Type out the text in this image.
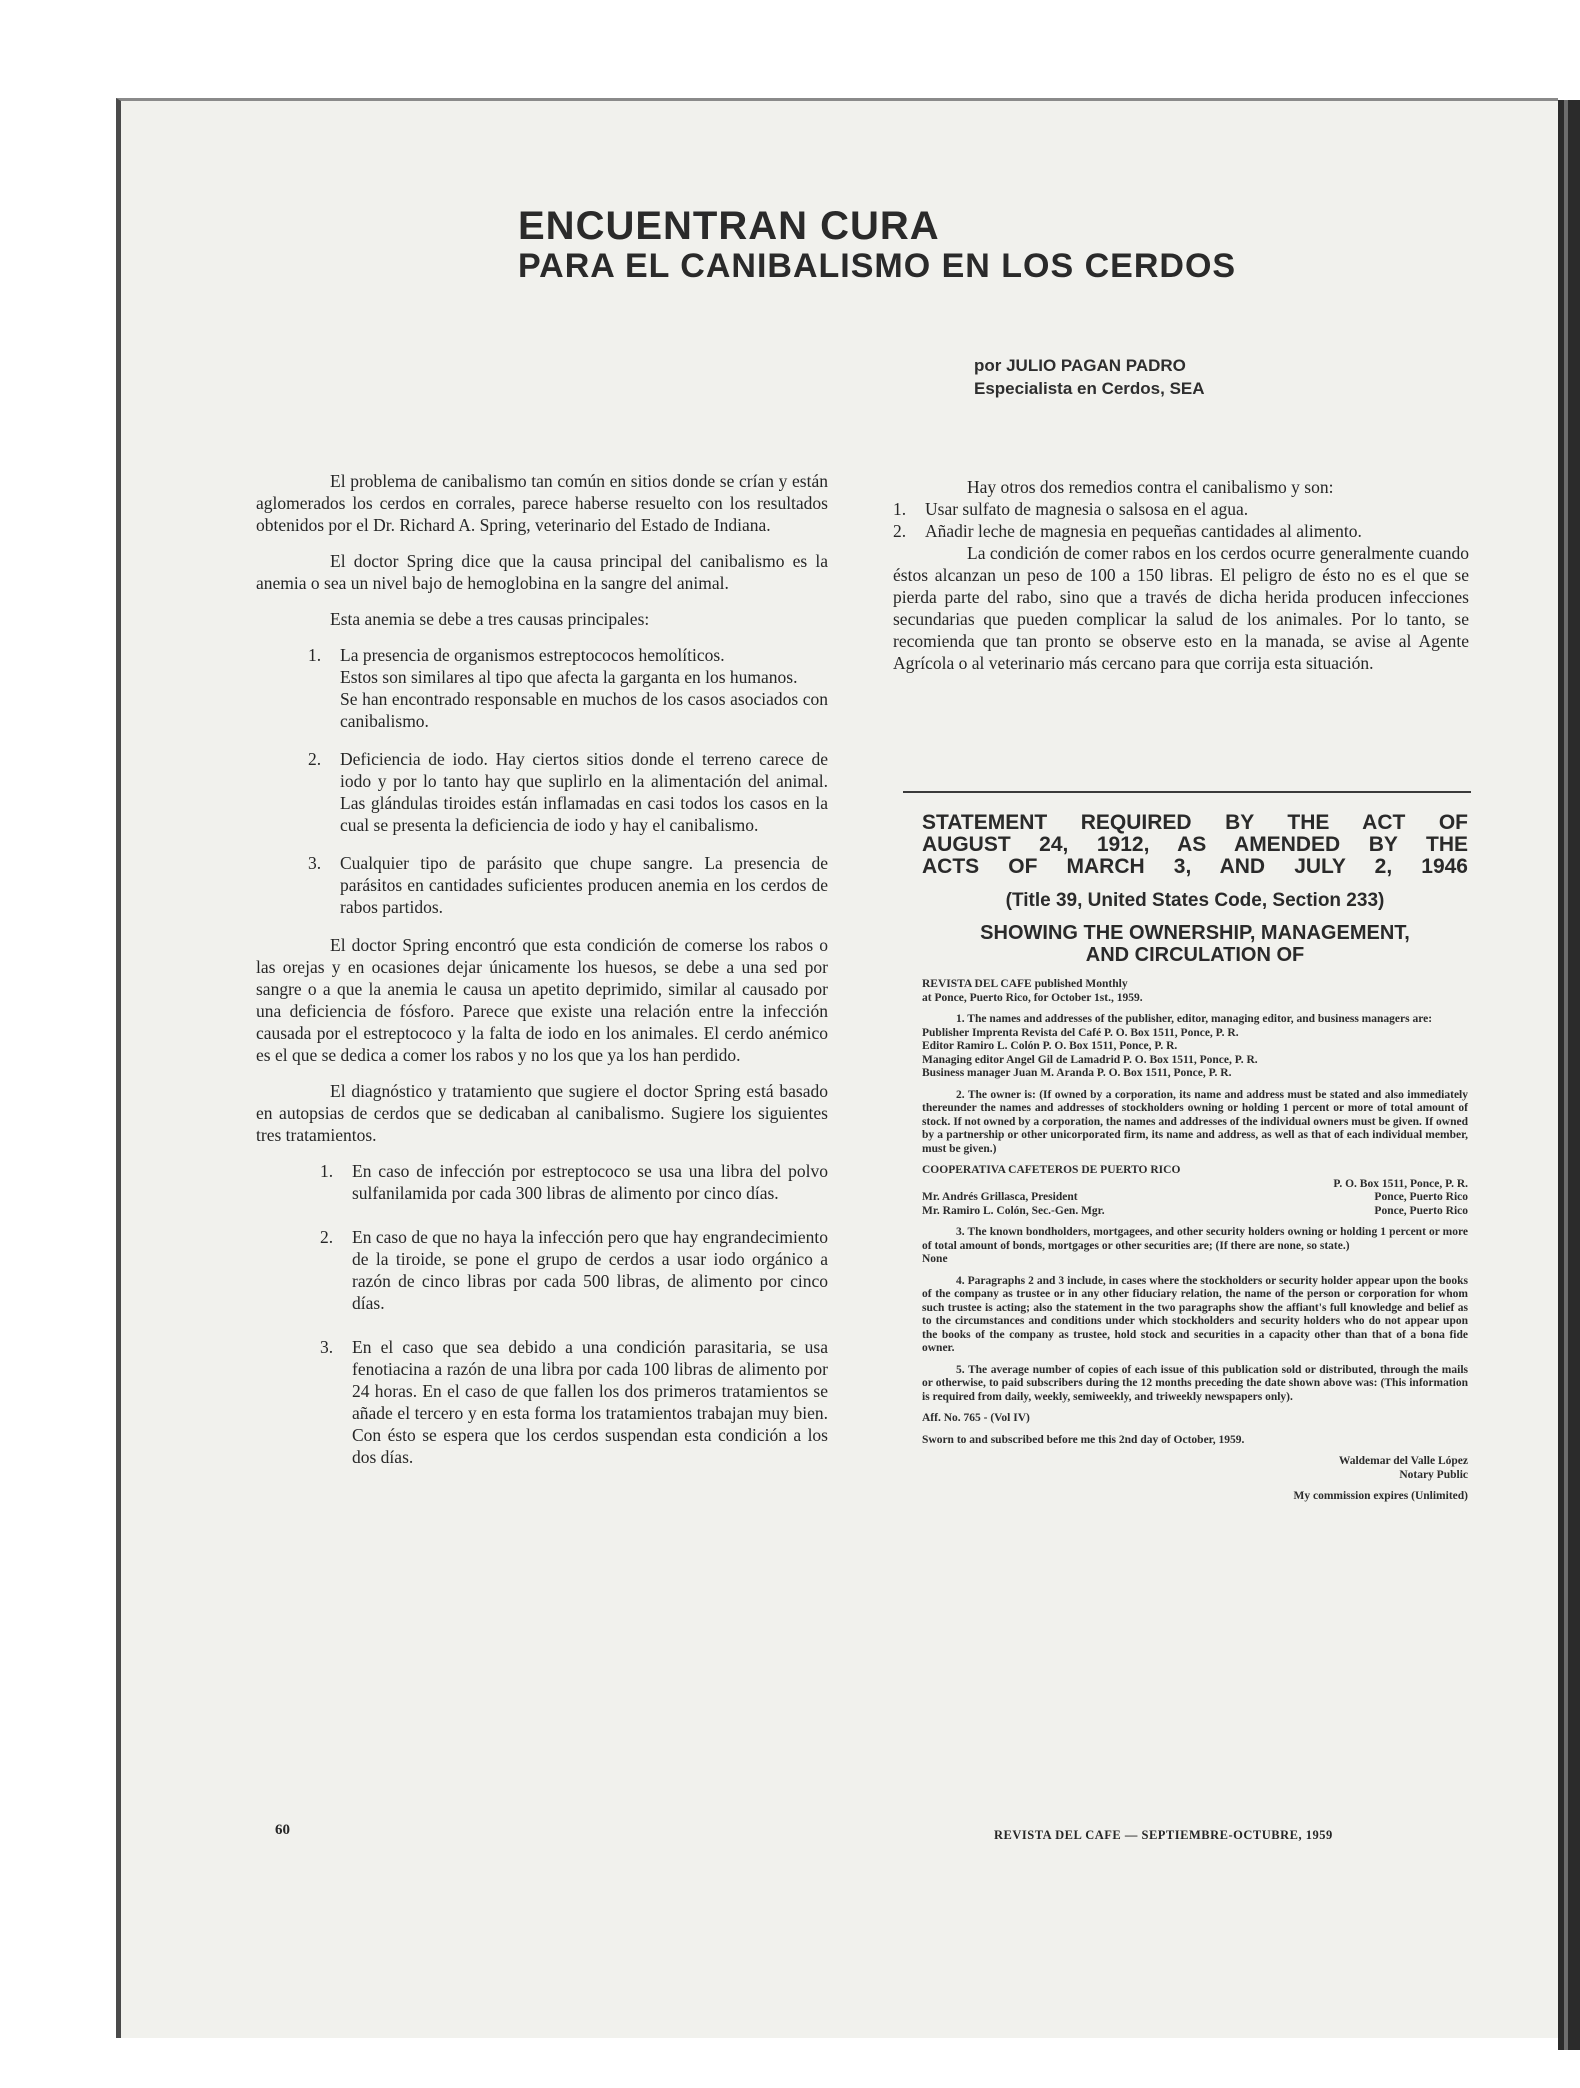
ENCUENTRAN CURA
PARA EL CANIBALISMO EN LOS CERDOS
por JULIO PAGAN PADRO
Especialista en Cerdos, SEA

El problema de canibalismo tan común en sitios donde se crían y están aglomerados los cerdos en corrales, parece haberse resuelto con los resultados obtenidos por el Dr. Richard A. Spring, veterinario del Estado de Indiana.

El doctor Spring dice que la causa principal del canibalismo es la anemia o sea un nivel bajo de hemoglobina en la sangre del animal.

Esta anemia se debe a tres causas principales:

1.	La presencia de organismos estreptococos hemolíticos.
Estos son similares al tipo que afecta la garganta en los humanos.
Se han encontrado responsable en muchos de los casos asociados con canibalismo.
2.	Deficiencia de iodo. Hay ciertos sitios donde el terreno carece de iodo y por lo tanto hay que suplirlo en la alimentación del animal. Las glándulas tiroides están inflamadas en casi todos los casos en la cual se presenta la deficiencia de iodo y hay el canibalismo.
3.	Cualquier tipo de parásito que chupe sangre. La presencia de parásitos en cantidades suficientes producen anemia en los cerdos de rabos partidos.

El doctor Spring encontró que esta condición de comerse los rabos o las orejas y en ocasiones dejar únicamente los huesos, se debe a una sed por sangre o a que la anemia le causa un apetito deprimido, similar al causado por una deficiencia de fósforo. Parece que existe una relación entre la infección causada por el estreptococo y la falta de iodo en los animales. El cerdo anémico es el que se dedica a comer los rabos y no los que ya los han perdido.

El diagnóstico y tratamiento que sugiere el doctor Spring está basado en autopsias de cerdos que se dedicaban al canibalismo. Sugiere los siguientes tres tratamientos.

1.	En caso de infección por estreptococo se usa una libra del polvo sulfanilamida por cada 300 libras de alimento por cinco días.
2.	En caso de que no haya la infección pero que hay engrandecimiento de la tiroide, se pone el grupo de cerdos a usar iodo orgánico a razón de cinco libras por cada 500 libras, de alimento por cinco días.
3.	En el caso que sea debido a una condición parasitaria, se usa fenotiacina a razón de una libra por cada 100 libras de alimento por 24 horas. En el caso de que fallen los dos primeros tratamientos se añade el tercero y en esta forma los tratamientos trabajan muy bien. Con ésto se espera que los cerdos suspendan esta condición a los dos días.

Hay otros dos remedios contra el canibalismo y son:

1.	Usar sulfato de magnesia o salsosa en el agua.
2.	Añadir leche de magnesia en pequeñas cantidades al alimento.

La condición de comer rabos en los cerdos ocurre generalmente cuando éstos alcanzan un peso de 100 a 150 libras. El peligro de ésto no es el que se pierda parte del rabo, sino que a través de dicha herida producen infecciones secundarias que pueden complicar la salud de los animales. Por lo tanto, se recomienda que tan pronto se observe esto en la manada, se avise al Agente Agrícola o al veterinario más cercano para que corrija esta situación.

STATEMENT REQUIRED BY THE ACT OF
AUGUST 24, 1912, AS AMENDED BY THE
ACTS OF MARCH 3, AND JULY 2, 1946
(Title 39, United States Code, Section 233)
SHOWING THE OWNERSHIP, MANAGEMENT,
AND CIRCULATION OF

REVISTA DEL CAFE published Monthly
at Ponce, Puerto Rico, for October 1st., 1959.

1. The names and addresses of the publisher, editor, managing editor, and business managers are:
Publisher Imprenta Revista del Café P. O. Box 1511, Ponce, P. R.
Editor Ramiro L. Colón P. O. Box 1511, Ponce, P. R.
Managing editor Angel Gil de Lamadrid P. O. Box 1511, Ponce, P. R.
Business manager Juan M. Aranda P. O. Box 1511, Ponce, P. R.

2. The owner is: (If owned by a corporation, its name and address must be stated and also immediately thereunder the names and addresses of stockholders owning or holding 1 percent or more of total amount of stock. If not owned by a corporation, the names and addresses of the individual owners must be given. If owned by a partnership or other unicorporated firm, its name and address, as well as that of each individual member, must be given.)

COOPERATIVA CAFETEROS DE PUERTO RICO
P. O. Box 1511, Ponce, P. R.
Mr. Andrés Grillasca, President	Ponce, Puerto Rico
Mr. Ramiro L. Colón, Sec.-Gen. Mgr.	Ponce, Puerto Rico

3. The known bondholders, mortgagees, and other security holders owning or holding 1 percent or more of total amount of bonds, mortgages or other securities are; (If there are none, so state.)
None

4. Paragraphs 2 and 3 include, in cases where the stockholders or security holder appear upon the books of the company as trustee or in any other fiduciary relation, the name of the person or corporation for whom such trustee is acting; also the statement in the two paragraphs show the affiant's full knowledge and belief as to the circumstances and conditions under which stockholders and security holders who do not appear upon the books of the company as trustee, hold stock and securities in a capacity other than that of a bona fide owner.

5. The average number of copies of each issue of this publication sold or distributed, through the mails or otherwise, to paid subscribers during the 12 months preceding the date shown above was: (This information is required from daily, weekly, semiweekly, and triweekly newspapers only).

Aff. No. 765 - (Vol IV)

Sworn to and subscribed before me this 2nd day of October, 1959.

Waldemar del Valle López
Notary Public

My commission expires (Unlimited)

60	REVISTA DEL CAFE — SEPTIEMBRE-OCTUBRE, 1959
